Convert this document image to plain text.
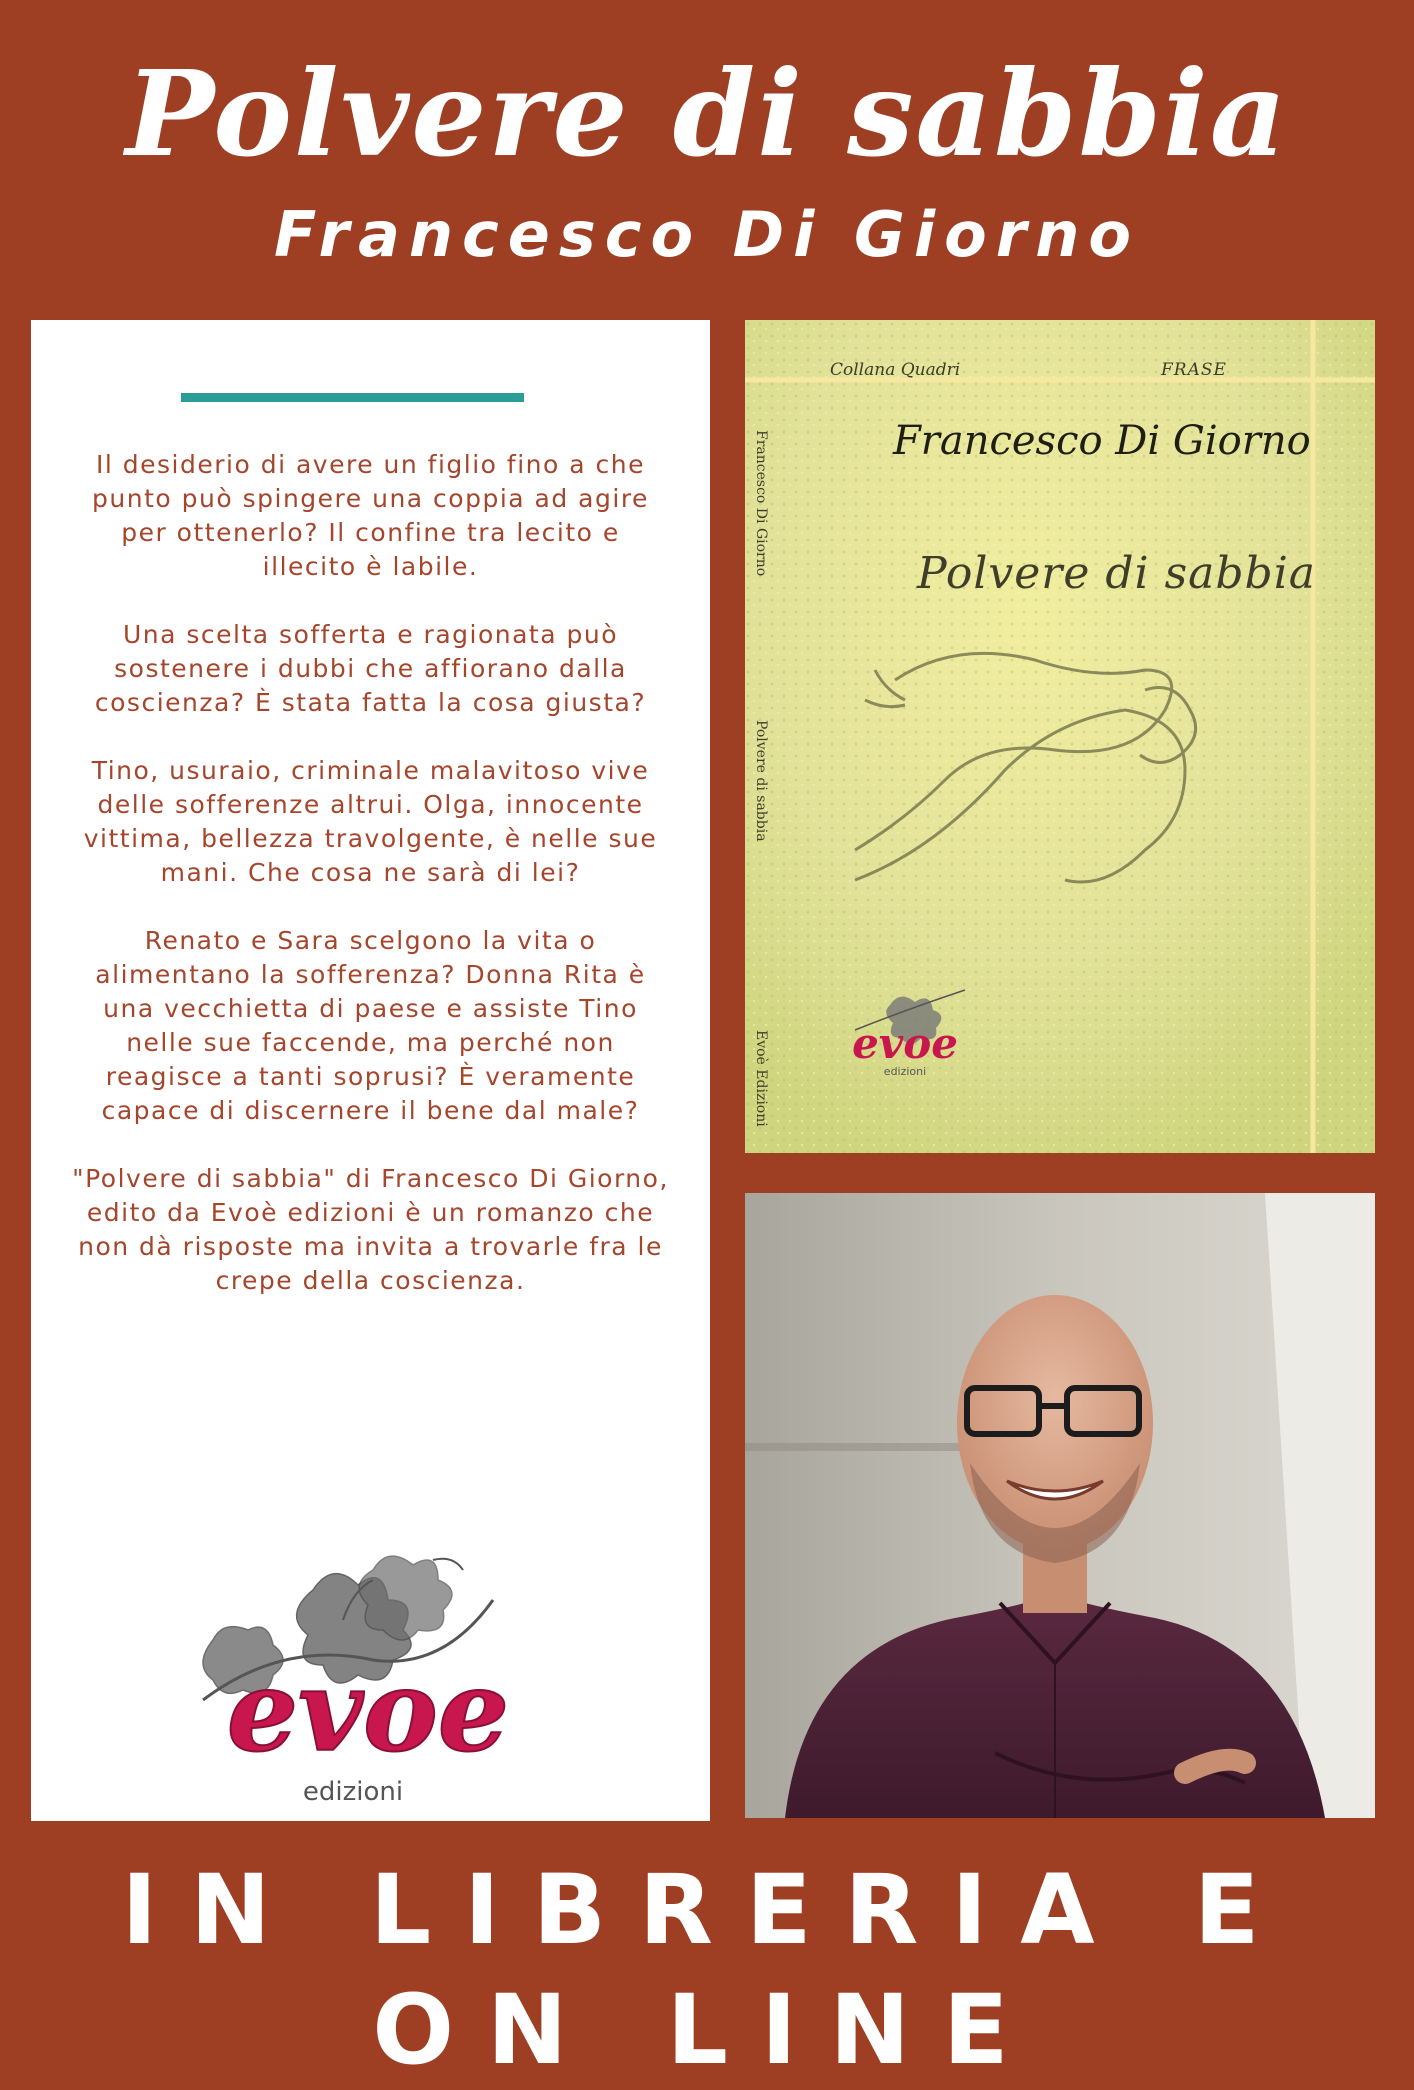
Polvere di sabbia
Francesco Di Giorno

Il desiderio di avere un figlio fino a che punto può spingere una coppia ad agire per ottenerlo? Il confine tra lecito e illecito è labile.

Una scelta sofferta e ragionata può sostenere i dubbi che affiorano dalla coscienza? È stata fatta la cosa giusta?

Tino, usuraio, criminale malavitoso vive delle sofferenze altrui. Olga, innocente vittima, bellezza travolgente, è nelle sue mani. Che cosa ne sarà di lei?

Renato e Sara scelgono la vita o alimentano la sofferenza? Donna Rita è una vecchietta di paese e assiste Tino nelle sue faccende, ma perché non reagisce a tanti soprusi? È veramente capace di discernere il bene dal male?

"Polvere di sabbia" di Francesco Di Giorno, edito da Evoè edizioni è un romanzo che non dà risposte ma invita a trovarle fra le crepe della coscienza.

evoe
edizioni
Francesco Di Giorno
Polvere di sabbia
Evoè Edizioni
Collana Quadri	FRASE
Francesco Di Giorno
Polvere di sabbia
evoe
edizioni
IN LIBRERIA E ON LINE
